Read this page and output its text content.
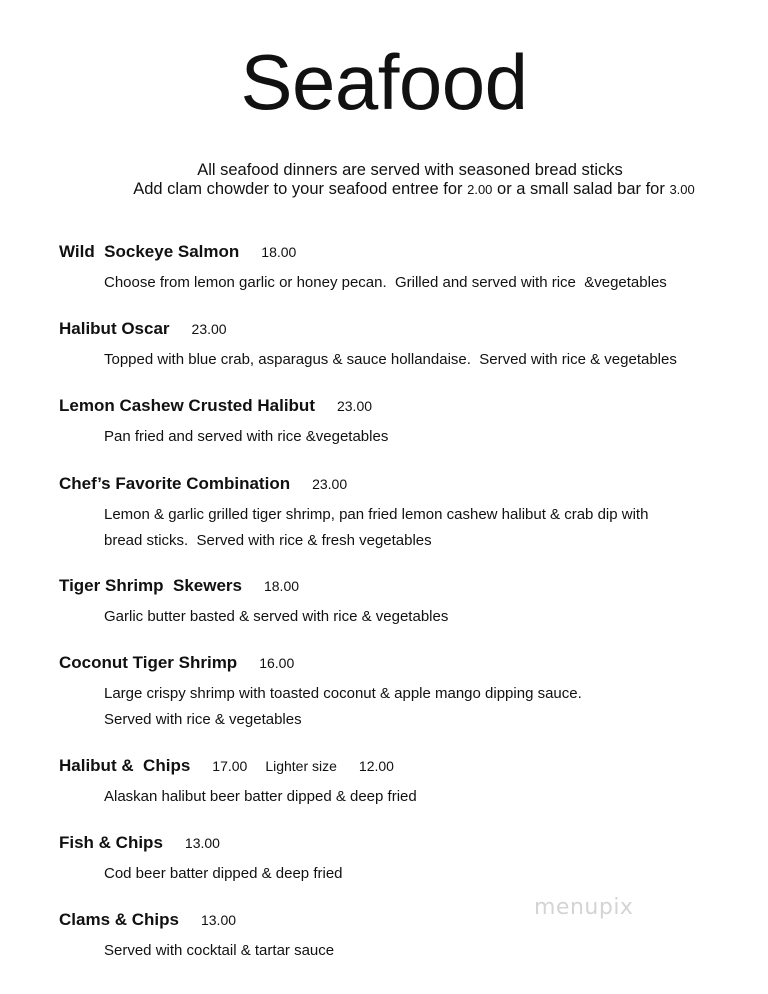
Seafood
All seafood dinners are served with seasoned bread sticks
Add clam chowder to your seafood entree for 2.00 or a small salad bar for 3.00
Wild  Sockeye Salmon 18.00
Choose from lemon garlic or honey pecan.  Grilled and served with rice  &vegetables
Halibut Oscar 23.00
Topped with blue crab, asparagus & sauce hollandaise.  Served with rice & vegetables
Lemon Cashew Crusted Halibut 23.00
Pan fried and served with rice &vegetables
Chef’s Favorite Combination 23.00
Lemon & garlic grilled tiger shrimp, pan fried lemon cashew halibut & crab dip with
bread sticks.  Served with rice & fresh vegetables
Tiger Shrimp  Skewers 18.00
Garlic butter basted & served with rice & vegetables
Coconut Tiger Shrimp 16.00
Large crispy shrimp with toasted coconut & apple mango dipping sauce.
Served with rice & vegetables
Halibut &  Chips 17.00 Lighter size 12.00
Alaskan halibut beer batter dipped & deep fried
Fish & Chips 13.00
Cod beer batter dipped & deep fried
Clams & Chips 13.00
Served with cocktail & tartar sauce
menupix
